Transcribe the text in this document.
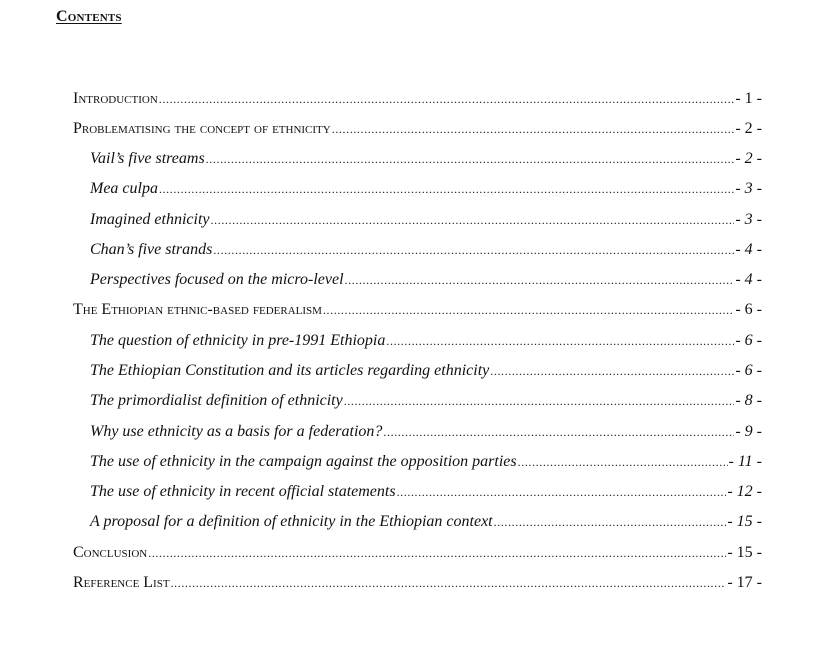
Contents
Introduction .....	- 1 -
Problematising the concept of ethnicity .....	- 2 -
Vail’s five streams .....	- 2 -
Mea culpa .....	- 3 -
Imagined ethnicity .....	- 3 -
Chan’s five strands .....	- 4 -
Perspectives focused on the micro-level .....	- 4 -
The Ethiopian ethnic-based federalism .....	- 6 -
The question of ethnicity in pre-1991 Ethiopia .....	- 6 -
The Ethiopian Constitution and its articles regarding ethnicity .....	- 6 -
The primordialist definition of ethnicity .....	- 8 -
Why use ethnicity as a basis for a federation? .....	- 9 -
The use of ethnicity in the campaign against the opposition parties .....	- 11 -
The use of ethnicity in recent official statements .....	- 12 -
A proposal for a definition of ethnicity in the Ethiopian context .....	- 15 -
Conclusion .....	- 15 -
Reference List .....	- 17 -
